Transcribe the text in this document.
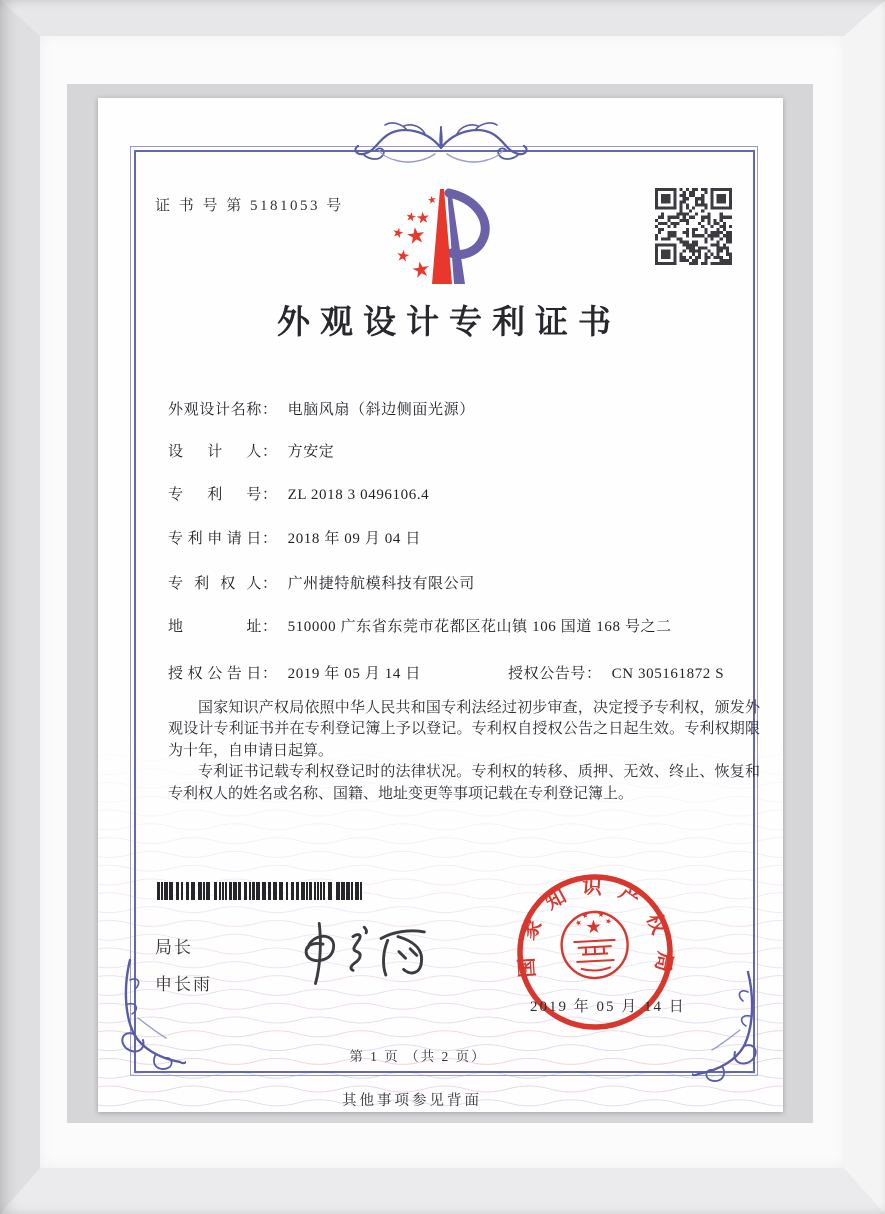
证 书 号 第 5181053 号
外观设计专利证书
外观设计名称： 电脑风扇（斜边侧面光源）
设 计 人： 方安定
专 利 号： ZL 2018 3 0496106.4
专利申请日： 2018 年 09 月 04 日
专 利 权 人： 广州捷特航模科技有限公司
地 址： 510000 广东省东莞市花都区花山镇 106 国道 168 号之二
授权公告日： 2019 年 05 月 14 日	授权公告号： CN 305161872 S

国家知识产权局依照中华人民共和国专利法经过初步审查，决定授予专利权，颁发外观设计专利证书并在专利登记簿上予以登记。专利权自授权公告之日起生效。专利权期限为十年，自申请日起算。

专利证书记载专利权登记时的法律状况。专利权的转移、质押、无效、终止、恢复和专利权人的姓名或名称、国籍、地址变更等事项记载在专利登记簿上。

局长
申长雨
国家知识产权局
2019 年 05 月 14 日
第 1 页 （共 2 页）
其他事项参见背面
